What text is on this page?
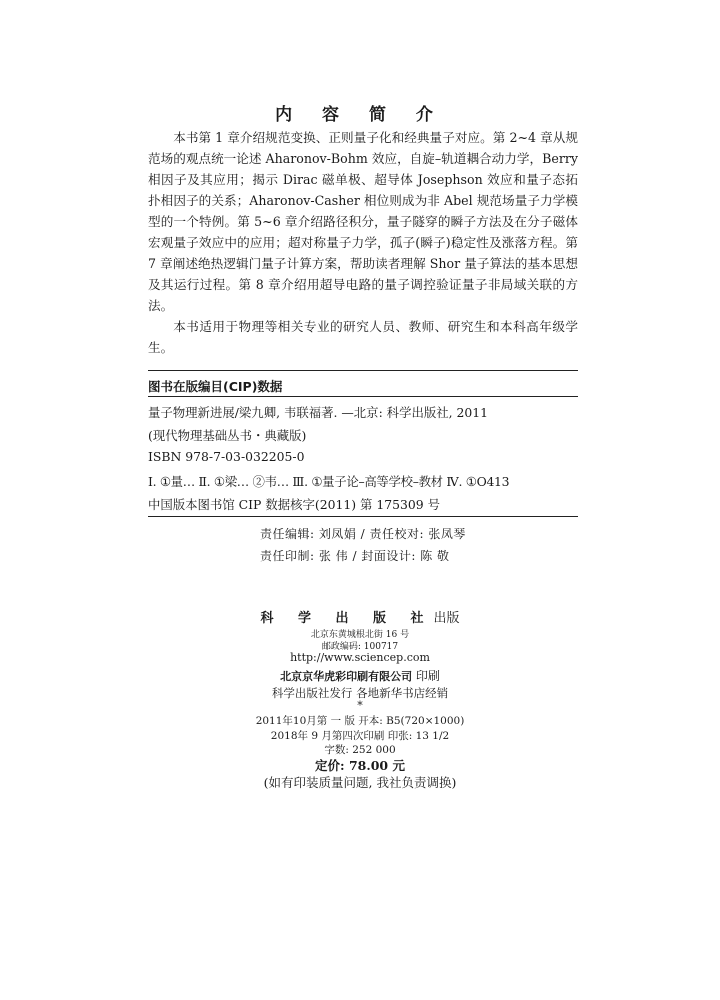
内 容 简 介

本书第 1 章介绍规范变换、正则量子化和经典量子对应。第 2~4 章从规范场的观点统一论述 Aharonov-Bohm 效应，自旋–轨道耦合动力学，Berry 相因子及其应用；揭示 Dirac 磁单极、超导体 Josephson 效应和量子态拓扑相因子的关系；Aharonov-Casher 相位则成为非 Abel 规范场量子力学模型的一个特例。第 5~6 章介绍路径积分，量子隧穿的瞬子方法及在分子磁体宏观量子效应中的应用；超对称量子力学，孤子(瞬子)稳定性及涨落方程。第 7 章阐述绝热逻辑门量子计算方案，帮助读者理解 Shor 量子算法的基本思想及其运行过程。第 8 章介绍用超导电路的量子调控验证量子非局域关联的方法。

本书适用于物理等相关专业的研究人员、教师、研究生和本科高年级学生。

图书在版编目(CIP)数据
量子物理新进展/梁九卿, 韦联福著. —北京: 科学出版社, 2011
(现代物理基础丛书・典藏版)
ISBN 978-7-03-032205-0
Ⅰ. ①量… Ⅱ. ①梁… ②韦… Ⅲ. ①量子论–高等学校–教材 Ⅳ. ①O413
中国版本图书馆 CIP 数据核字(2011) 第 175309 号
责任编辑: 刘凤娟 / 责任校对: 张凤琴
责任印制: 张 伟 / 封面设计: 陈 敬
科 学 出 版 社出版
北京东黄城根北街 16 号
邮政编码: 100717
http://www.sciencep.com
北京京华虎彩印刷有限公司 印刷
科学出版社发行 各地新华书店经销
*
2011年10月第 一 版 开本: B5(720×1000)
2018年 9 月第四次印刷 印张: 13 1/2
字数: 252 000
定价: 78.00 元
(如有印装质量问题, 我社负责调换)
